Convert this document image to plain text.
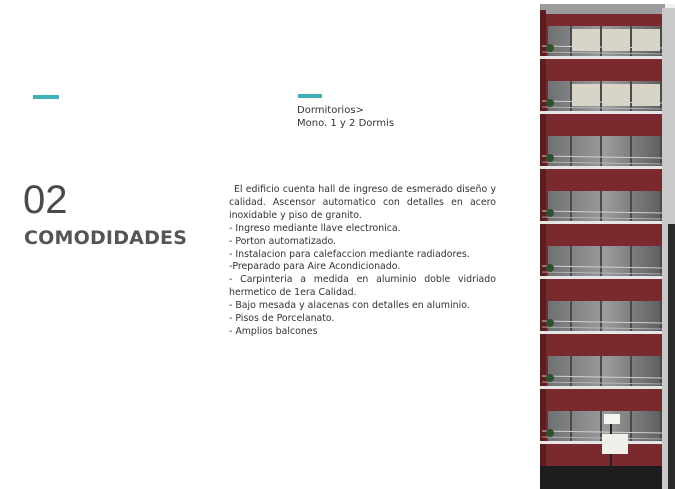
02
COMODIDADES
Dormitorios>
Mono. 1 y 2 Dormis

El edificio cuenta hall de ingreso de esmerado diseño y calidad. Ascensor automatico con detalles en acero inoxidable y piso de granito.

- Ingreso mediante llave electronica.

- Porton automatizado.

- Instalacion para calefaccion mediante radiadores.

-Preparado para Aire Acondicionado.

- Carpinteria a medida en aluminio doble vidriado hermetico de 1era Calidad.

- Bajo mesada y alacenas con detalles en aluminio.

- Pisos de Porcelanato.

- Amplios balcones
